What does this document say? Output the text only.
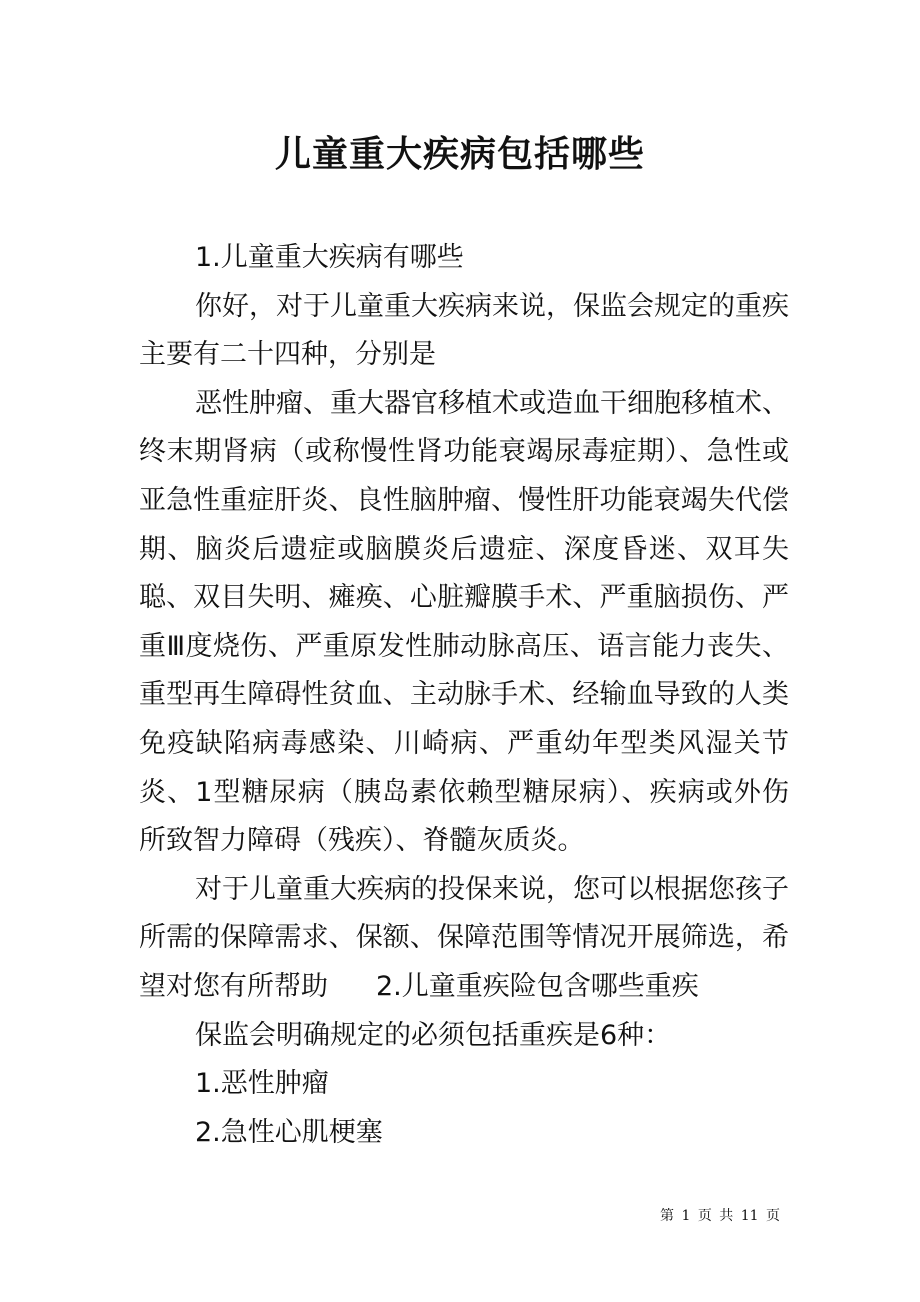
儿童重大疾病包括哪些

1.儿童重大疾病有哪些

你好，对于儿童重大疾病来说，保监会规定的重疾主要有二十四种，分别是

恶性肿瘤、重大器官移植术或造血干细胞移植术、终末期肾病（或称慢性肾功能衰竭尿毒症期）、急性或亚急性重症肝炎、良性脑肿瘤、慢性肝功能衰竭失代偿期、脑炎后遗症或脑膜炎后遗症、深度昏迷、双耳失聪、双目失明、瘫痪、心脏瓣膜手术、严重脑损伤、严重Ⅲ度烧伤、严重原发性肺动脉高压、语言能力丧失、重型再生障碍性贫血、主动脉手术、经输血导致的人类免疫缺陷病毒感染、川崎病、严重幼年型类风湿关节炎、1型糖尿病（胰岛素依赖型糖尿病）、疾病或外伤所致智力障碍（残疾）、脊髓灰质炎。

对于儿童重大疾病的投保来说，您可以根据您孩子所需的保障需求、保额、保障范围等情况开展筛选，希望对您有所帮助 2.儿童重疾险包含哪些重疾

保监会明确规定的必须包括重疾是6种：

1.恶性肿瘤

2.急性心肌梗塞

第 1 页 共 11 页
